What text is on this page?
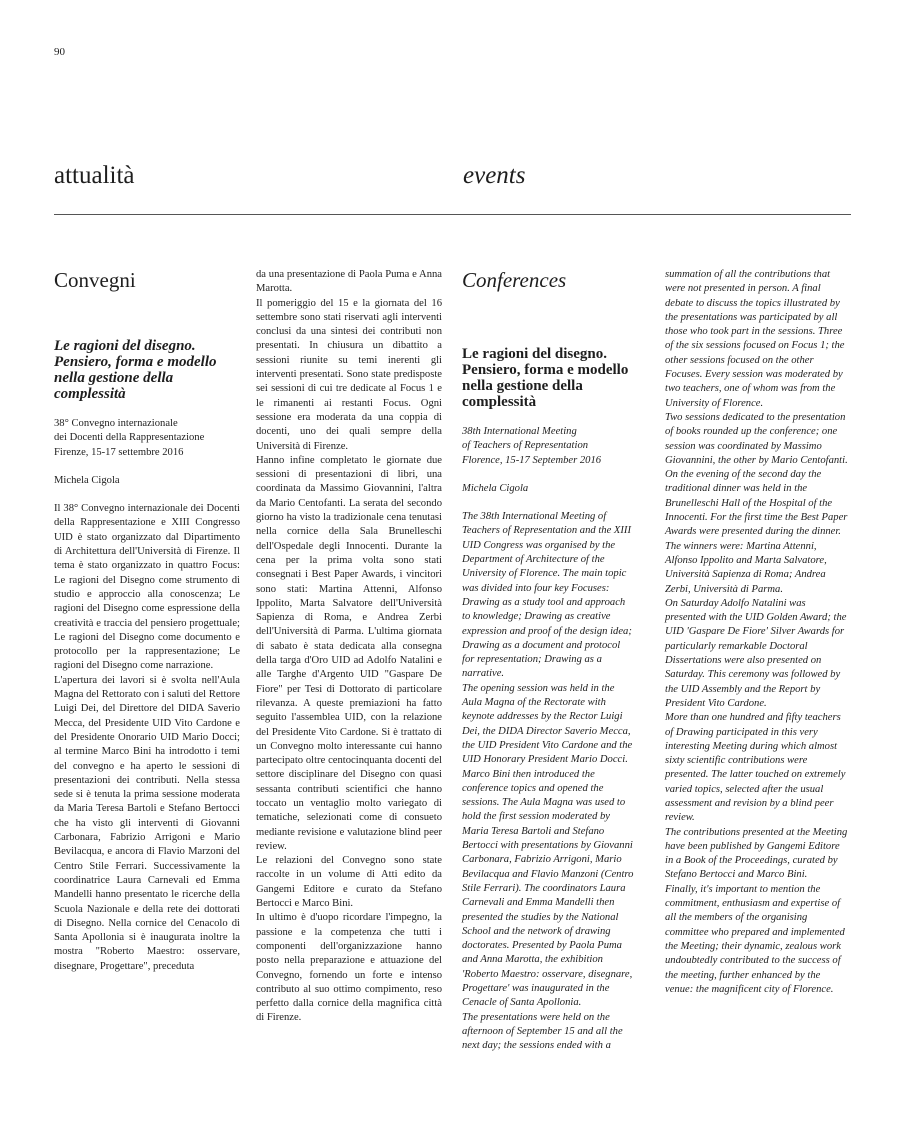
90
attualità	events
Convegni
Le ragioni del disegno. Pensiero, forma e modello nella gestione della complessità

38° Convegno internazionale

dei Docenti della Rappresentazione

Firenze, 15-17 settembre 2016

Michela Cigola

Il 38° Convegno internazionale dei Docenti della Rappresentazione e XIII Congresso UID è stato organizzato dal Dipartimento di Architettura dell'Università di Firenze. Il tema è stato organizzato in quattro Focus: Le ragioni del Disegno come strumento di studio e approccio alla conoscenza; Le ragioni del Disegno come espressione della creatività e traccia del pensiero progettuale; Le ragioni del Disegno come documento e protocollo per la rappresentazione; Le ragioni del Disegno come narrazione.

L'apertura dei lavori si è svolta nell'Aula Magna del Rettorato con i saluti del Rettore Luigi Dei, del Direttore del DIDA Saverio Mecca, del Presidente UID Vito Cardone e del Presidente Onorario UID Mario Docci; al termine Marco Bini ha introdotto i temi del convegno e ha aperto le sessioni di presentazioni dei contributi. Nella stessa sede si è tenuta la prima sessione moderata da Maria Teresa Bartoli e Stefano Bertocci che ha visto gli interventi di Giovanni Carbonara, Fabrizio Arrigoni e Mario Bevilacqua, e ancora di Flavio Marzoni del Centro Stile Ferrari. Successivamente la coordinatrice Laura Carnevali ed Emma Mandelli hanno presentato le ricerche della Scuola Nazionale e della rete dei dottorati di Disegno. Nella cornice del Cenacolo di Santa Apollonia si è inaugurata inoltre la mostra "Roberto Maestro: osservare, disegnare, Progettare", preceduta

da una presentazione di Paola Puma e Anna Marotta.

Il pomeriggio del 15 e la giornata del 16 settembre sono stati riservati agli interventi conclusi da una sintesi dei contributi non presentati. In chiusura un dibattito a sessioni riunite su temi inerenti gli interventi presentati. Sono state predisposte sei sessioni di cui tre dedicate al Focus 1 e le rimanenti ai restanti Focus. Ogni sessione era moderata da una coppia di docenti, uno dei quali sempre della Università di Firenze.

Hanno infine completato le giornate due sessioni di presentazioni di libri, una coordinata da Massimo Giovannini, l'altra da Mario Centofanti. La serata del secondo giorno ha visto la tradizionale cena tenutasi nella cornice della Sala Brunelleschi dell'Ospedale degli Innocenti. Durante la cena per la prima volta sono stati consegnati i Best Paper Awards, i vincitori sono stati: Martina Attenni, Alfonso Ippolito, Marta Salvatore dell'Università Sapienza di Roma, e Andrea Zerbi dell'Università di Parma. L'ultima giornata di sabato è stata dedicata alla consegna della targa d'Oro UID ad Adolfo Natalini e alle Targhe d'Argento UID "Gaspare De Fiore" per Tesi di Dottorato di particolare rilevanza. A queste premiazioni ha fatto seguito l'assemblea UID, con la relazione del Presidente Vito Cardone. Si è trattato di un Convegno molto interessante cui hanno partecipato oltre centocinquanta docenti del settore disciplinare del Disegno con quasi sessanta contributi scientifici che hanno toccato un ventaglio molto variegato di tematiche, selezionati come di consueto mediante revisione e valutazione blind peer review.

Le relazioni del Convegno sono state raccolte in un volume di Atti edito da Gangemi Editore e curato da Stefano Bertocci e Marco Bini.

In ultimo è d'uopo ricordare l'impegno, la passione e la competenza che tutti i componenti dell'organizzazione hanno posto nella preparazione e attuazione del Convegno, fornendo un forte e intenso contributo al suo ottimo compimento, reso perfetto dalla cornice della magnifica città di Firenze.

Conferences
Le ragioni del disegno. Pensiero, forma e modello nella gestione della complessità

38th International Meeting

of Teachers of Representation

Florence, 15-17 September 2016

Michela Cigola

The 38th International Meeting of Teachers of Representation and the XIII UID Congress was organised by the Department of Architecture of the University of Florence. The main topic was divided into four key Focuses: Drawing as a study tool and approach to knowledge; Drawing as creative expression and proof of the design idea; Drawing as a document and protocol for representation; Drawing as a narrative.

The opening session was held in the Aula Magna of the Rectorate with keynote addresses by the Rector Luigi Dei, the DIDA Director Saverio Mecca, the UID President Vito Cardone and the UID Honorary President Mario Docci. Marco Bini then introduced the conference topics and opened the sessions. The Aula Magna was used to hold the first session moderated by Maria Teresa Bartoli and Stefano Bertocci with presentations by Giovanni Carbonara, Fabrizio Arrigoni, Mario Bevilacqua and Flavio Manzoni (Centro Stile Ferrari). The coordinators Laura Carnevali and Emma Mandelli then presented the studies by the National School and the network of drawing doctorates. Presented by Paola Puma and Anna Marotta, the exhibition 'Roberto Maestro: osservare, disegnare, Progettare' was inaugurated in the Cenacle of Santa Apollonia.

The presentations were held on the afternoon of September 15 and all the next day; the sessions ended with a

summation of all the contributions that were not presented in person. A final debate to discuss the topics illustrated by the presentations was participated by all those who took part in the sessions. Three of the six sessions focused on Focus 1; the other sessions focused on the other Focuses. Every session was moderated by two teachers, one of whom was from the University of Florence.

Two sessions dedicated to the presentation of books rounded up the conference; one session was coordinated by Massimo Giovannini, the other by Mario Centofanti.

On the evening of the second day the traditional dinner was held in the Brunelleschi Hall of the Hospital of the Innocenti. For the first time the Best Paper Awards were presented during the dinner. The winners were: Martina Attenni, Alfonso Ippolito and Marta Salvatore, Università Sapienza di Roma; Andrea Zerbi, Università di Parma.

On Saturday Adolfo Natalini was presented with the UID Golden Award; the UID 'Gaspare De Fiore' Silver Awards for particularly remarkable Doctoral Dissertations were also presented on Saturday. This ceremony was followed by the UID Assembly and the Report by President Vito Cardone.

More than one hundred and fifty teachers of Drawing participated in this very interesting Meeting during which almost sixty scientific contributions were presented. The latter touched on extremely varied topics, selected after the usual assessment and revision by a blind peer review.

The contributions presented at the Meeting have been published by Gangemi Editore in a Book of the Proceedings, curated by Stefano Bertocci and Marco Bini.

Finally, it's important to mention the commitment, enthusiasm and expertise of all the members of the organising committee who prepared and implemented the Meeting; their dynamic, zealous work undoubtedly contributed to the success of the meeting, further enhanced by the venue: the magnificent city of Florence.
